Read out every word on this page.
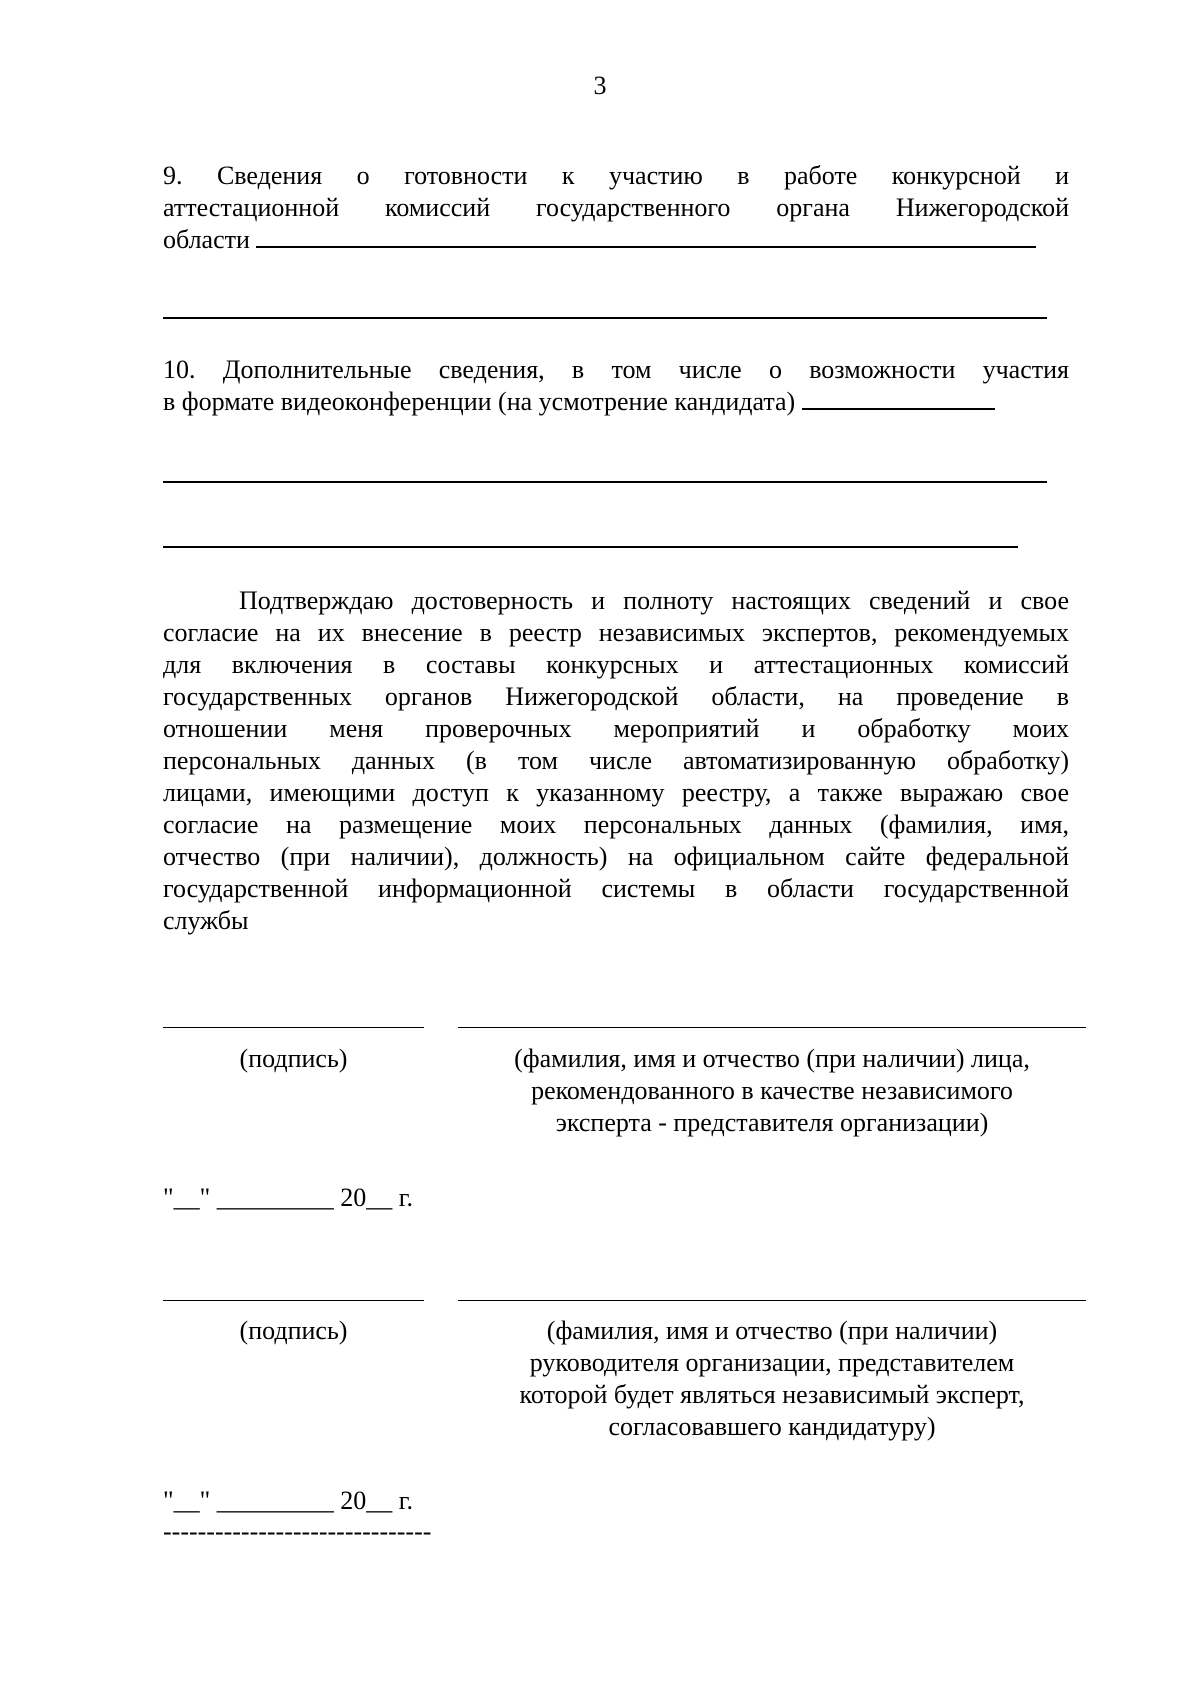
3
9. Сведения о готовности к участию в работе конкурсной и
аттестационной комиссий государственного органа Нижегородской
области
10. Дополнительные сведения, в том числе о возможности участия
в формате видеоконференции (на усмотрение кандидата)
Подтверждаю достоверность и полноту настоящих сведений и свое
согласие на их внесение в реестр независимых экспертов, рекомендуемых
для включения в составы конкурсных и аттестационных комиссий
государственных органов Нижегородской области, на проведение в
отношении меня проверочных мероприятий и обработку моих
персональных данных (в том числе автоматизированную обработку)
лицами, имеющими доступ к указанному реестру, а также выражаю свое
согласие на размещение моих персональных данных (фамилия, имя,
отчество (при наличии), должность) на официальном сайте федеральной
государственной информационной системы в области государственной
службы
(подпись)	(фамилия, имя и отчество (при наличии) лица,
рекомендованного в качестве независимого
эксперта - представителя организации)
"__" _________ 20__ г.
(подпись)	(фамилия, имя и отчество (при наличии)
руководителя организации, представителем
которой будет являться независимый эксперт,
согласовавшего кандидатуру)
"__" _________ 20__ г.
-------------------------------
